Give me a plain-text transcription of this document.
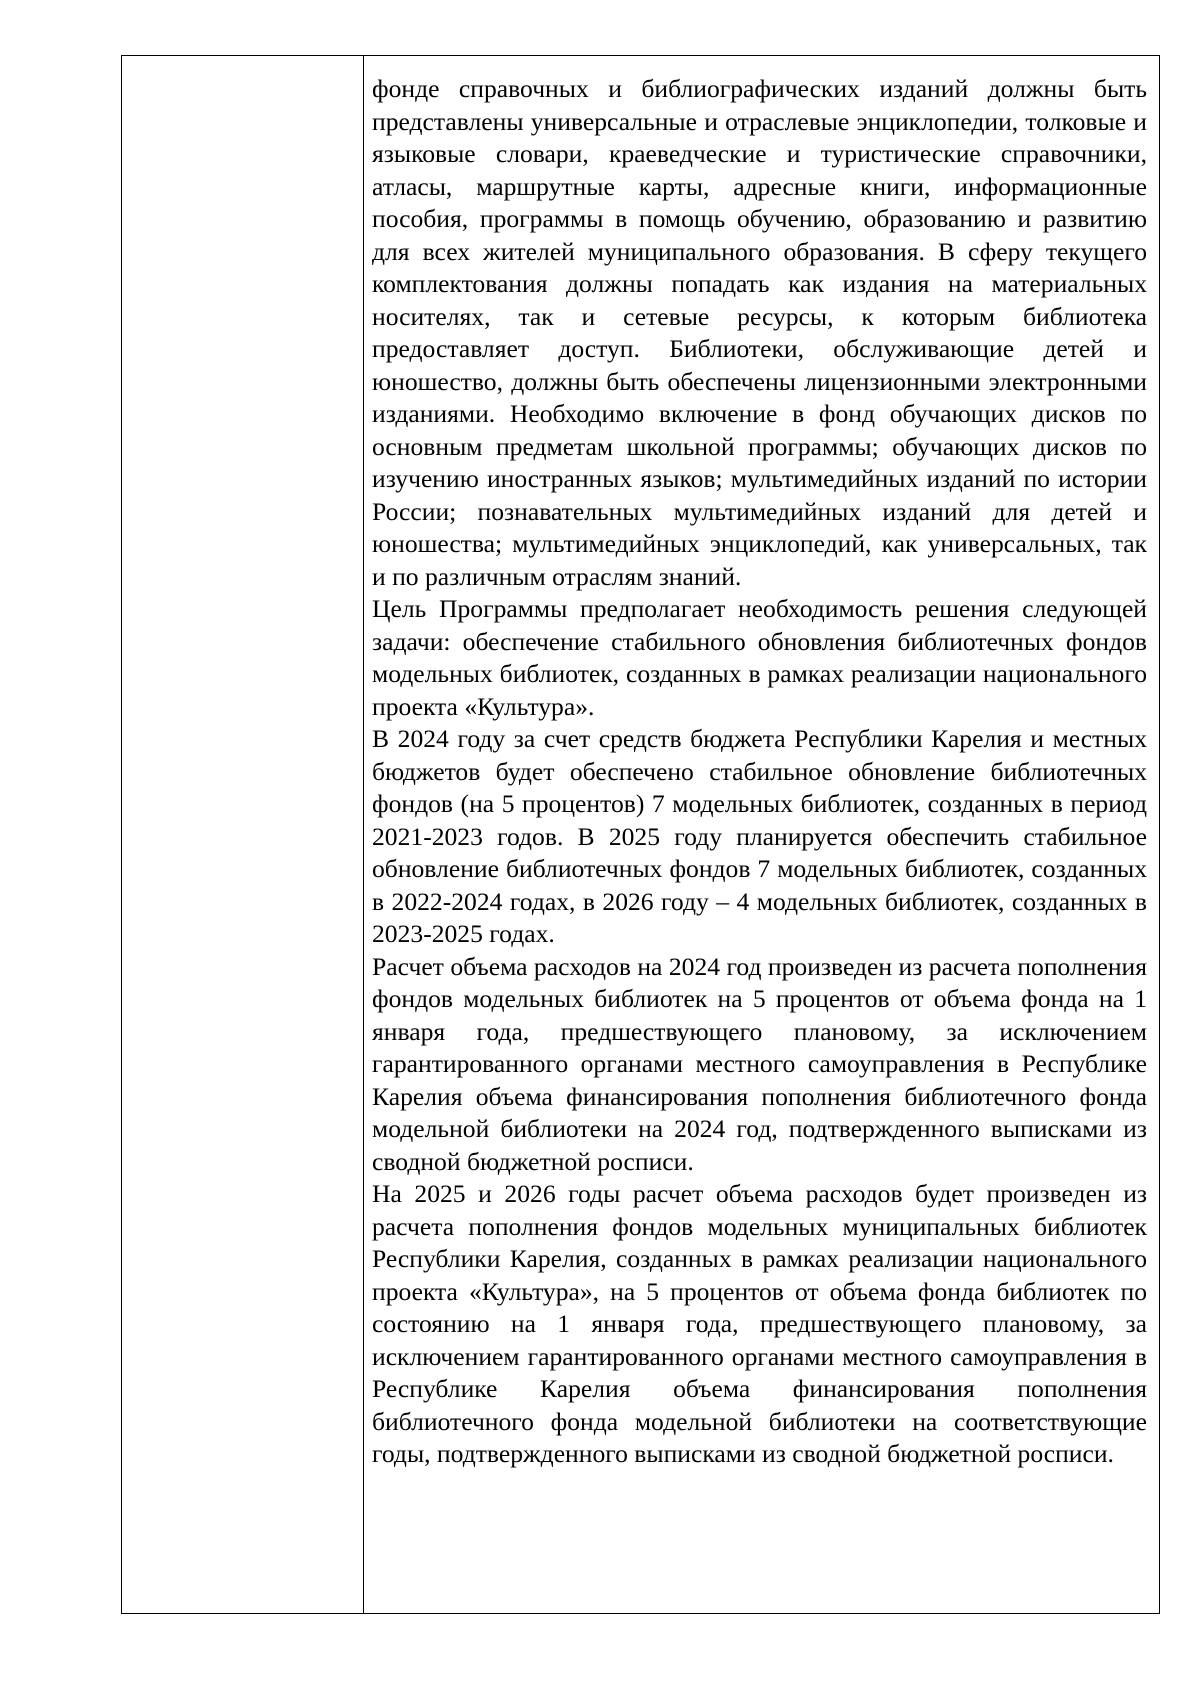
фонде справочных и библиографических изданий должны быть представлены универсальные и отраслевые энциклопедии, толковые и языковые словари, краеведческие и туристические справочники, атласы, маршрутные карты, адресные книги, информационные пособия, программы в помощь обучению, образованию и развитию для всех жителей муниципального образования. В сферу текущего комплектования должны попадать как издания на материальных носителях, так и сетевые ресурсы, к которым библиотека предоставляет доступ. Библиотеки, обслуживающие детей и юношество, должны быть обеспечены лицензионными электронными изданиями. Необходимо включение в фонд обучающих дисков по основным предметам школьной программы; обучающих дисков по изучению иностранных языков; мультимедийных изданий по истории России; познавательных мультимедийных изданий для детей и юношества; мультимедийных энциклопедий, как универсальных, так и по различным отраслям знаний.

Цель Программы предполагает необходимость решения следующей задачи: обеспечение стабильного обновления библиотечных фондов модельных библиотек, созданных в рамках реализации национального проекта «Культура».

В 2024 году за счет средств бюджета Республики Карелия и местных бюджетов будет обеспечено стабильное обновление библиотечных фондов (на 5 процентов) 7 модельных библиотек, созданных в период 2021-2023 годов. В 2025 году планируется обеспечить стабильное обновление библиотечных фондов 7 модельных библиотек, созданных в 2022-2024 годах, в 2026 году – 4 модельных библиотек, созданных в 2023-2025 годах.

Расчет объема расходов на 2024 год произведен из расчета пополнения фондов модельных библиотек на 5 процентов от объема фонда на 1 января года, предшествующего плановому, за исключением гарантированного органами местного самоуправления в Республике Карелия объема финансирования пополнения библиотечного фонда модельной библиотеки на 2024 год, подтвержденного выписками из сводной бюджетной росписи.

На 2025 и 2026 годы расчет объема расходов будет произведен из расчета пополнения фондов модельных муниципальных библиотек Республики Карелия, созданных в рамках реализации национального проекта «Культура», на 5 процентов от объема фонда библиотек по состоянию на 1 января года, предшествующего плановому, за исключением гарантированного органами местного самоуправления в Республике Карелия объема финансирования пополнения библиотечного фонда модельной библиотеки на соответствующие годы, подтвержденного выписками из сводной бюджетной росписи.
